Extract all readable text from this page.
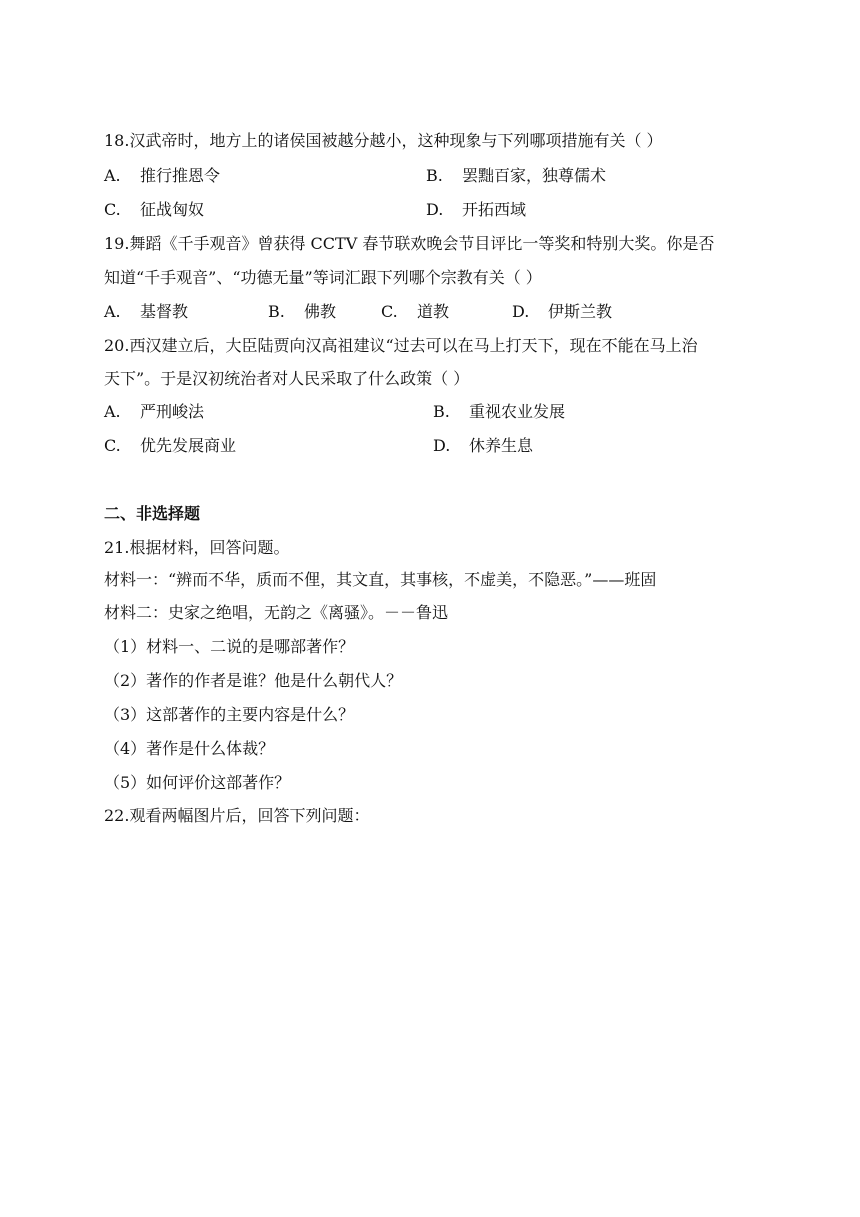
18.汉武帝时，地方上的诸侯国被越分越小，这种现象与下列哪项措施有关（ ）
A. 推行推恩令	B. 罢黜百家，独尊儒术
C. 征战匈奴	D. 开拓西域
19.舞蹈《千手观音》曾获得 CCTV 春节联欢晚会节目评比一等奖和特别大奖。你是否
知道“千手观音”、“功德无量”等词汇跟下列哪个宗教有关（ ）
A. 基督教	B. 佛教	C. 道教	D. 伊斯兰教
20.西汉建立后，大臣陆贾向汉高祖建议“过去可以在马上打天下，现在不能在马上治
天下”。于是汉初统治者对人民采取了什么政策（ ）
A. 严刑峻法	B. 重视农业发展
C. 优先发展商业	D. 休养生息
二、非选择题
21.根据材料，回答问题。
材料一：“辨而不华，质而不俚，其文直，其事核，不虚美，不隐恶。”——班固
材料二：史家之绝唱，无韵之《离骚》。－－鲁迅
（1）材料一、二说的是哪部著作？
（2）著作的作者是谁？他是什么朝代人？
（3）这部著作的主要内容是什么？
（4）著作是什么体裁？
（5）如何评价这部著作？
22.观看两幅图片后，回答下列问题：
